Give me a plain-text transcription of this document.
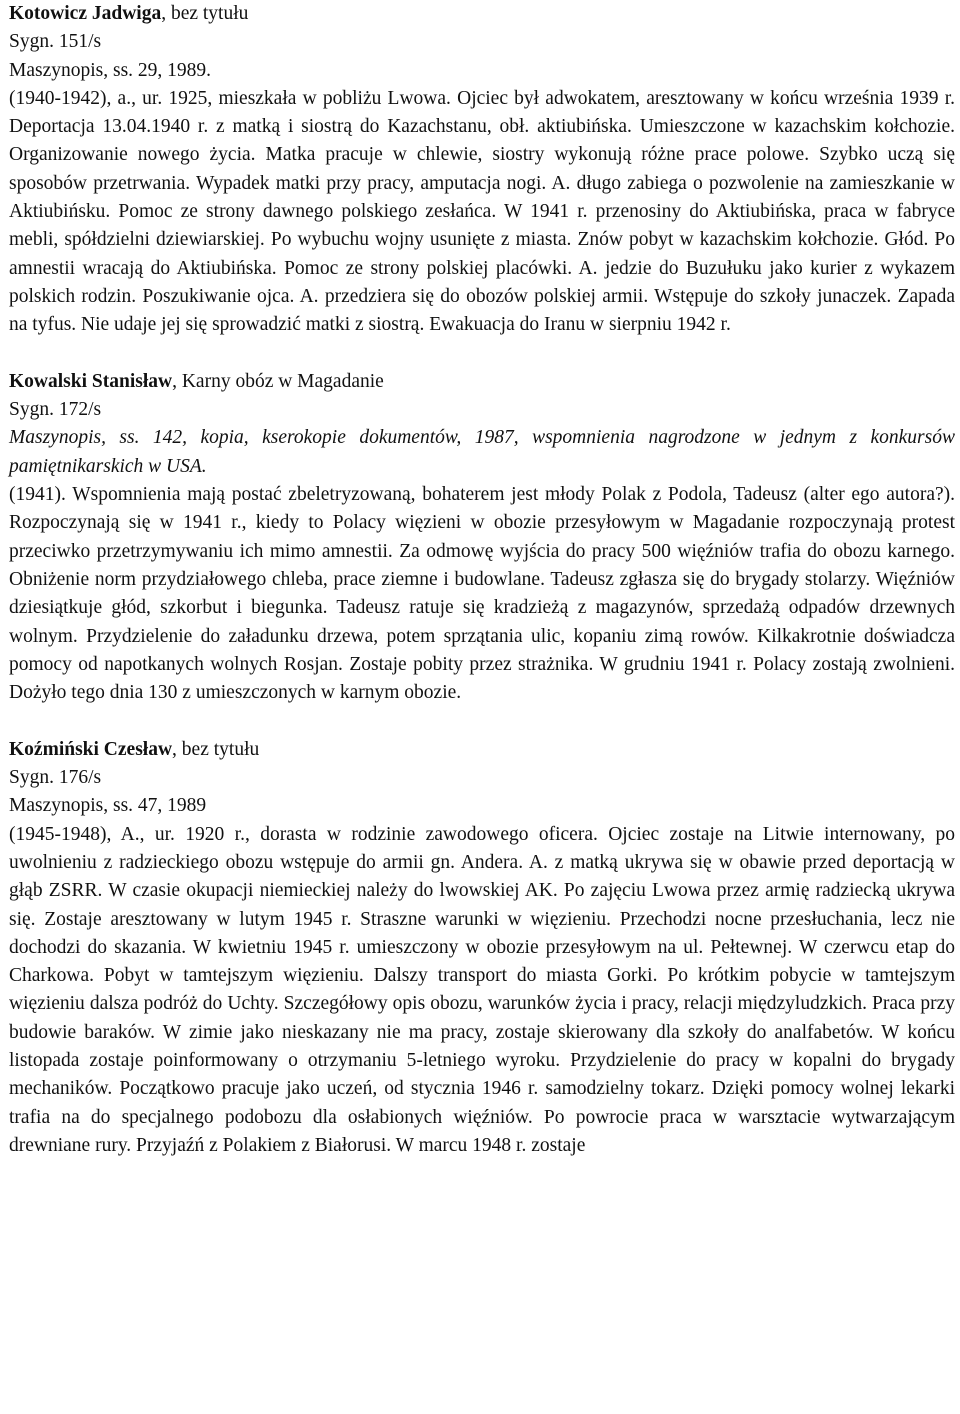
Kotowicz Jadwiga, bez tytułu
Sygn. 151/s
Maszynopis, ss. 29, 1989.

(1940-1942), a., ur. 1925, mieszkała w pobliżu Lwowa. Ojciec był adwokatem, aresztowany w końcu września 1939 r. Deportacja 13.04.1940 r. z matką i siostrą do Kazachstanu, obł. aktiubińska. Umieszczone w kazachskim kołchozie. Organizowanie nowego życia. Matka pracuje w chlewie, siostry wykonują różne prace polowe. Szybko uczą się sposobów przetrwania. Wypadek matki przy pracy, amputacja nogi. A. długo zabiega o pozwolenie na zamieszkanie w Aktiubińsku. Pomoc ze strony dawnego polskiego zesłańca. W 1941 r. przenosiny do Aktiubińska, praca w fabryce mebli, spółdzielni dziewiarskiej. Po wybuchu wojny usunięte z miasta. Znów pobyt w kazachskim kołchozie. Głód. Po amnestii wracają do Aktiubińska. Pomoc ze strony polskiej placówki. A. jedzie do Buzułuku jako kurier z wykazem polskich rodzin. Poszukiwanie ojca. A. przedziera się do obozów polskiej armii. Wstępuje do szkoły junaczek. Zapada na tyfus. Nie udaje jej się sprowadzić matki z siostrą. Ewakuacja do Iranu w sierpniu 1942 r.

Kowalski Stanisław, Karny obóz w Magadanie
Sygn. 172/s
Maszynopis, ss. 142, kopia, kserokopie dokumentów, 1987, wspomnienia nagrodzone w jednym z konkursów pamiętnikarskich w USA.

(1941). Wspomnienia mają postać zbeletryzowaną, bohaterem jest młody Polak z Podola, Tadeusz (alter ego autora?). Rozpoczynają się w 1941 r., kiedy to Polacy więzieni w obozie przesyłowym w Magadanie rozpoczynają protest przeciwko przetrzymywaniu ich mimo amnestii. Za odmowę wyjścia do pracy 500 więźniów trafia do obozu karnego. Obniżenie norm przydziałowego chleba, prace ziemne i budowlane. Tadeusz zgłasza się do brygady stolarzy. Więźniów dziesiątkuje głód, szkorbut i biegunka. Tadeusz ratuje się kradzieżą z magazynów, sprzedażą odpadów drzewnych wolnym. Przydzielenie do załadunku drzewa, potem sprzątania ulic, kopaniu zimą rowów. Kilkakrotnie doświadcza pomocy od napotkanych wolnych Rosjan. Zostaje pobity przez strażnika. W grudniu 1941 r. Polacy zostają zwolnieni. Dożyło tego dnia 130 z umieszczonych w karnym obozie.

Koźmiński Czesław, bez tytułu
Sygn. 176/s
Maszynopis, ss. 47, 1989

(1945-1948), A., ur. 1920 r., dorasta w rodzinie zawodowego oficera. Ojciec zostaje na Litwie internowany, po uwolnieniu z radzieckiego obozu wstępuje do armii gn. Andera. A. z matką ukrywa się w obawie przed deportacją w głąb ZSRR. W czasie okupacji niemieckiej należy do lwowskiej AK. Po zajęciu Lwowa przez armię radziecką ukrywa się. Zostaje aresztowany w lutym 1945 r. Straszne warunki w więzieniu. Przechodzi nocne przesłuchania, lecz nie dochodzi do skazania. W kwietniu 1945 r. umieszczony w obozie przesyłowym na ul. Pełtewnej. W czerwcu etap do Charkowa. Pobyt w tamtejszym więzieniu. Dalszy transport do miasta Gorki. Po krótkim pobycie w tamtejszym więzieniu dalsza podróż do Uchty. Szczegółowy opis obozu, warunków życia i pracy, relacji międzyludzkich. Praca przy budowie baraków. W zimie jako nieskazany nie ma pracy, zostaje skierowany dla szkoły do analfabetów. W końcu listopada zostaje poinformowany o otrzymaniu 5-letniego wyroku. Przydzielenie do pracy w kopalni do brygady mechaników. Początkowo pracuje jako uczeń, od stycznia 1946 r. samodzielny tokarz. Dzięki pomocy wolnej lekarki trafia na do specjalnego podobozu dla osłabionych więźniów. Po powrocie praca w warsztacie wytwarzającym drewniane rury. Przyjaźń z Polakiem z Białorusi. W marcu 1948 r. zostaje
